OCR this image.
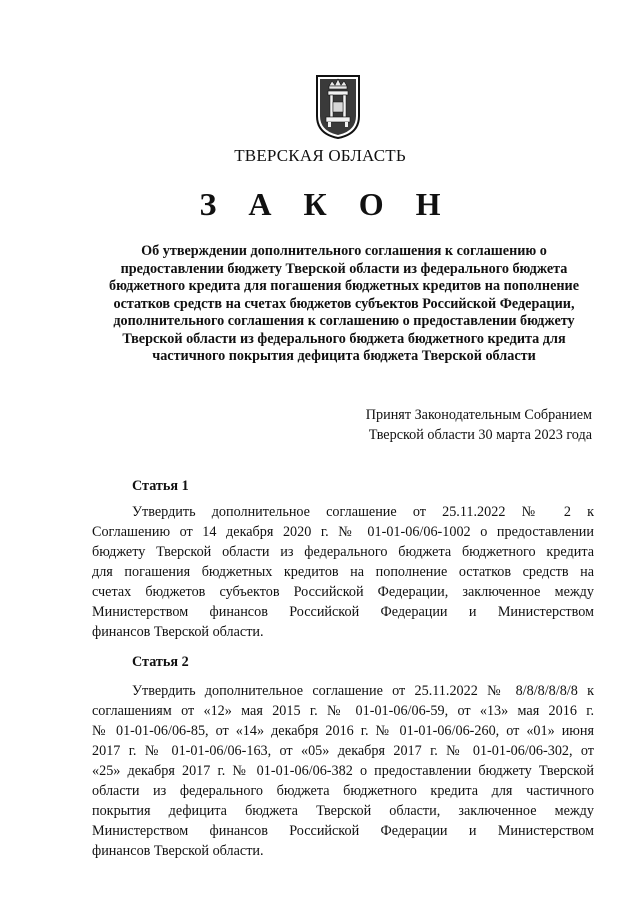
ТВЕРСКАЯ ОБЛАСТЬ
З А К О Н
Об утверждении дополнительного соглашения к соглашению о
предоставлении бюджету Тверской области из федерального бюджета
бюджетного кредита для погашения бюджетных кредитов на пополнение
остатков средств на счетах бюджетов субъектов Российской Федерации,
дополнительного соглашения к соглашению о предоставлении бюджету
Тверской области из федерального бюджета бюджетного кредита для
частичного покрытия дефицита бюджета Тверской области
Принят Законодательным Собранием
Тверской области 30 марта 2023 года
Статья 1
Утвердить дополнительное соглашение от 25.11.2022 № 2 к
Соглашению от 14 декабря 2020 г. № 01-01-06/06-1002 о предоставлении
бюджету Тверской области из федерального бюджета бюджетного кредита
для погашения бюджетных кредитов на пополнение остатков средств на
счетах бюджетов субъектов Российской Федерации, заключенное между
Министерством финансов Российской Федерации и Министерством
финансов Тверской области.
Статья 2
Утвердить дополнительное соглашение от 25.11.2022 № 8/8/8/8/8/8 к
соглашениям от «12» мая 2015 г. № 01-01-06/06-59, от «13» мая 2016 г.
№ 01-01-06/06-85, от «14» декабря 2016 г. № 01-01-06/06-260, от «01» июня
2017 г. № 01-01-06/06-163, от «05» декабря 2017 г. № 01-01-06/06-302, от
«25» декабря 2017 г. № 01-01-06/06-382 о предоставлении бюджету Тверской
области из федерального бюджета бюджетного кредита для частичного
покрытия дефицита бюджета Тверской области, заключенное между
Министерством финансов Российской Федерации и Министерством
финансов Тверской области.
